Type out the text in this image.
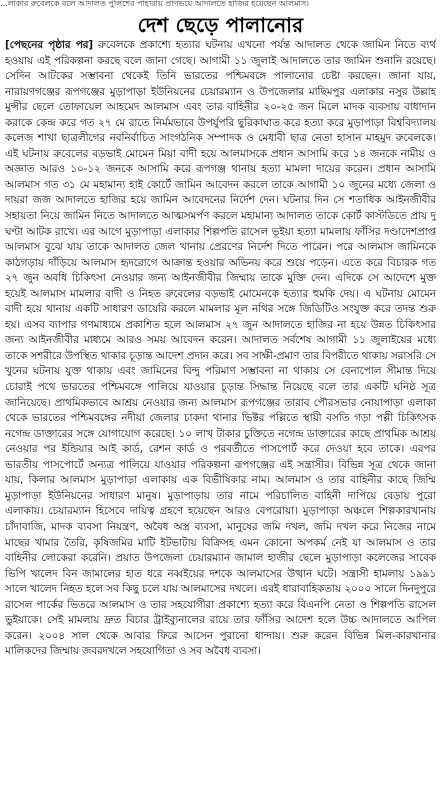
...লাকার রুবেলকে বলে আদালত পুলিশের পাহারায় প্রাণভয়ে আদালতে হাজির হয়েছেন আলমাস।
দেশ ছেড়ে পালানোর

[পেছনের পৃষ্ঠার পর] রুবেলকে প্রকাশ্যে হত্যার ঘটনায় এখনো পর্যন্ত আদালত থেকে জামিন নিতে ব্যর্থ হওয়ায় এই পরিকল্পনা করছে বলে জানা গেছে। আগামী ১১ জুলাই আদালতে তার জামিন শুনানি রয়েছে। সেদিন আটকের সম্ভাবনা থেকেই তিনি ভারতের পশ্চিমবঙ্গে পালানোর চেষ্টা করছেন। জানা যায়, নারায়ণগঞ্জের রূপগঞ্জের মুড়াপাড়া ইউনিয়নের চেয়ারম্যান ও উপজেলার মাছিমপুর এলাকার নসুর উল্লাহ মুন্সীর ছেলে তোফায়েল আহমেদ আলমাস এবং তার বাহিনীর ২০-২৫ জন মিলে মাদক ব্যবসায় বাধাদান করাকে কেন্দ্র করে গত ২৭ মে রাতে নির্মমভাবে উপর্যুপরি ছুরিকাঘাত করে হত্যা করে মুড়াপাড়া বিশ্ববিদ্যালয় কলেজ শাখা ছাত্রলীগের নবনির্বাচিত সাংগঠনিক সম্পাদক ও মেধাবী ছাত্র নেতা হাসান মাহমুদ রুবেলকে। এই ঘটনায় রুবেলের বড়ভাই মোমেন মিয়া বাদী হয়ে আলমাসকে প্রধান আসামি করে ১৪ জনকে নামীয় ও অজ্ঞাত আরও ১০-১২ জনকে আসামি করে রূপগঞ্জ থানায় হত্যা মামলা দায়ের করেন। প্রধান আসামি আলমাস গত ৩১ মে মহামান্য হাই কোর্টে জামিন আবেদন করলে তাকে আগামী ১০ জুনের মধ্যে জেলা ও দায়রা জজ আদালতে হাজির হয়ে জামিন আবেদনের নির্দেশ দেন। ঘটনার দিন সে শতাধিক আইনজীবীর সহায়তা নিয়ে জামিন নিতে আদালতে আত্মসমর্পণ করলে মহামান্য আদালত তাকে কোর্ট কাস্টডিতে প্রায় দু ঘণ্টা আটক রাখে। এর আগে মুড়াপাড়া এলাকার শিল্পপতি রাসেল ভূইয়া হত্যা মামলায় ফাঁসির দণ্ডাদেশপ্রাপ্ত আলমাস বুঝে যায় তাকে আদালত জেল খানায় প্রেরণের নির্দেশ দিতে পারেন। পরে আলমাস জামিনকে কাঠগড়ায় দাঁড়িয়ে আলমাস হৃদরোগে আক্রান্ত হওয়ার অভিনয় করে শুয়ে পড়েন। এতে করে বিচারক গত ২৭ জুন অবধি চিকিৎসা নেওয়ার জন্য আইনজীবীর জিম্মায় তাকে মুক্তি দেন। এদিকে সে আদেশে মুক্ত হয়েই আলমাস মামলার বাদী ও নিহত রুবেলের বড়ভাই মোমেনকে হত্যার হুমকি দেয়। এ ঘটনায় মোমেন বাদী হয়ে থানায় একটি সাধারণ ডায়েরি করলে মামলার মূল নথির সঙ্গে জিডিটিও সংযুক্ত করে তদন্ত শুরু হয়। এসব ব্যাপার গণমাধ্যমে প্রকাশিত হলে আলমাস ২৭ জুন আদালতে হাজির না হয়ে উন্নত চিকিৎসার জন্য আইনজীবীর মাধ্যমে আরও সময় আবেদন করেন। আদালত সর্বশেষ আগামী ১১ জুলাইয়ের মধ্যে তাকে সশরীরে উপস্থিত থাকার চূড়ান্ত আদেশ প্রদান করে। সব সাক্ষী-প্রমাণ তার বিপরীতে থাকায় সরাসরি সে খুনের ঘটনায় যুক্ত থাকায় এবং জামিনের বিন্দু পরিমাণ সম্ভাবনা না থাকায় সে বেনাপোল সীমান্ত দিয়ে চোরাই পথে ভারতের পশ্চিমবঙ্গে পালিয়ে যাওয়ার চূড়ান্ত সিদ্ধান্ত নিয়েছে বলে তার একটি ঘনিষ্ঠ সূত্র জানিয়েছে। প্রাথমিকভাবে আশ্রয় নেওয়ার জন্য আলমাস রূপগঞ্জের তারাব পৌরসভার নোয়াপাড়া এলাকা থেকে ভারতের পশ্চিমবঙ্গের নদীয়া জেলার চাকদা থানার ভিক্টর পল্লিতে স্থায়ী বসতি গড়া পল্লী চিকিৎসক নগেন্দ্র ডাক্তারের সঙ্গে যোগাযোগ করেছে। ১০ লাখ টাকার চুক্তিতে নগেন্দ্র ডাক্তারের কাছে প্রাথমিক আশ্রয় নেওয়ার পর ইন্ডিয়ার আই কার্ড, রেশন কার্ড ও পরবর্তীতে পাসপোর্ট করে দেওয়া হবে তাকে। এরপর ভারতীয় পাসপোর্টে অন্যত্র পালিয়ে যাওয়ার পরিকল্পনা রূপগঞ্জের এই সন্ত্রাসীর। বিভিন্ন সূত্র থেকে জানা যায়, কিলার আলমাস মুড়াপাড়া এলাকায় এক বিভীষিকার নাম। আলমাস ও তার বাহিনীর কাছে জিম্মি মুড়াপাড়া ইউনিয়নের সাধারণ মানুষ। মুড়াপাড়ায় তার নামে পরিচালিত বাহিনী দাপিয়ে বেড়ায় পুরো এলাকায়। চেয়ারম্যান হিসেবে দায়িত্ব গ্রহণে হয়েছেন আরও বেপরোয়া। মুড়াপাড়া অঞ্চলে শিল্পকারখানায় চাঁদাবাজি, মাদক ব্যবসা নিয়ন্ত্রণ, অবৈধ অস্ত্র ব্যবসা, মানুষের জমি দখল, জমি দখল করে নিজের নামে মাছের খামার তৈরি, কৃষিজমির মাটি ইটভাটায় বিক্রিসহ এমন কোনো অপকর্ম নেই যা আলমাস ও তার বাহিনীর লোকেরা করেনি। প্রয়াত উপজেলা চেয়ারম্যান জামাল হাজীর ছেলে মুড়াপাড়া কলেজের সাবেক ভিপি খালেদ বিন জামালের হাত ধরে নব্বইয়ের দশকে আলমাসের উত্থান ঘটে। সন্ত্রাসী হামলায় ১৯৯১ সালে খালেদ নিহত হলে সব কিছু চলে যায় আলমাসের দখলে। এরই ধারাবাহিকতায় ২০০০ সালে দিনদুপুরে রাসেল পার্কের ভিতরে আলমাস ও তার সহযোগীরা প্রকাশ্যে হত্যা করে বিএনপি নেতা ও শিল্পপতি রাসেল ভুইয়াকে। সেই মামলায় দ্রুত বিচার ট্রাইব্যুনালের রায়ে তার ফাঁসির আদেশ হলে উচ্চ আদালতে আপিল করেন। ২০০৪ সাল থেকে আবার ফিরে আসেন পুরানো ধান্দায়। শুরু করেন বিভিন্ন মিল-কারখানার মালিকদের জিম্মায় জবরদখলে সহযোগিতা ও সব অবৈধ ব্যবসা।
